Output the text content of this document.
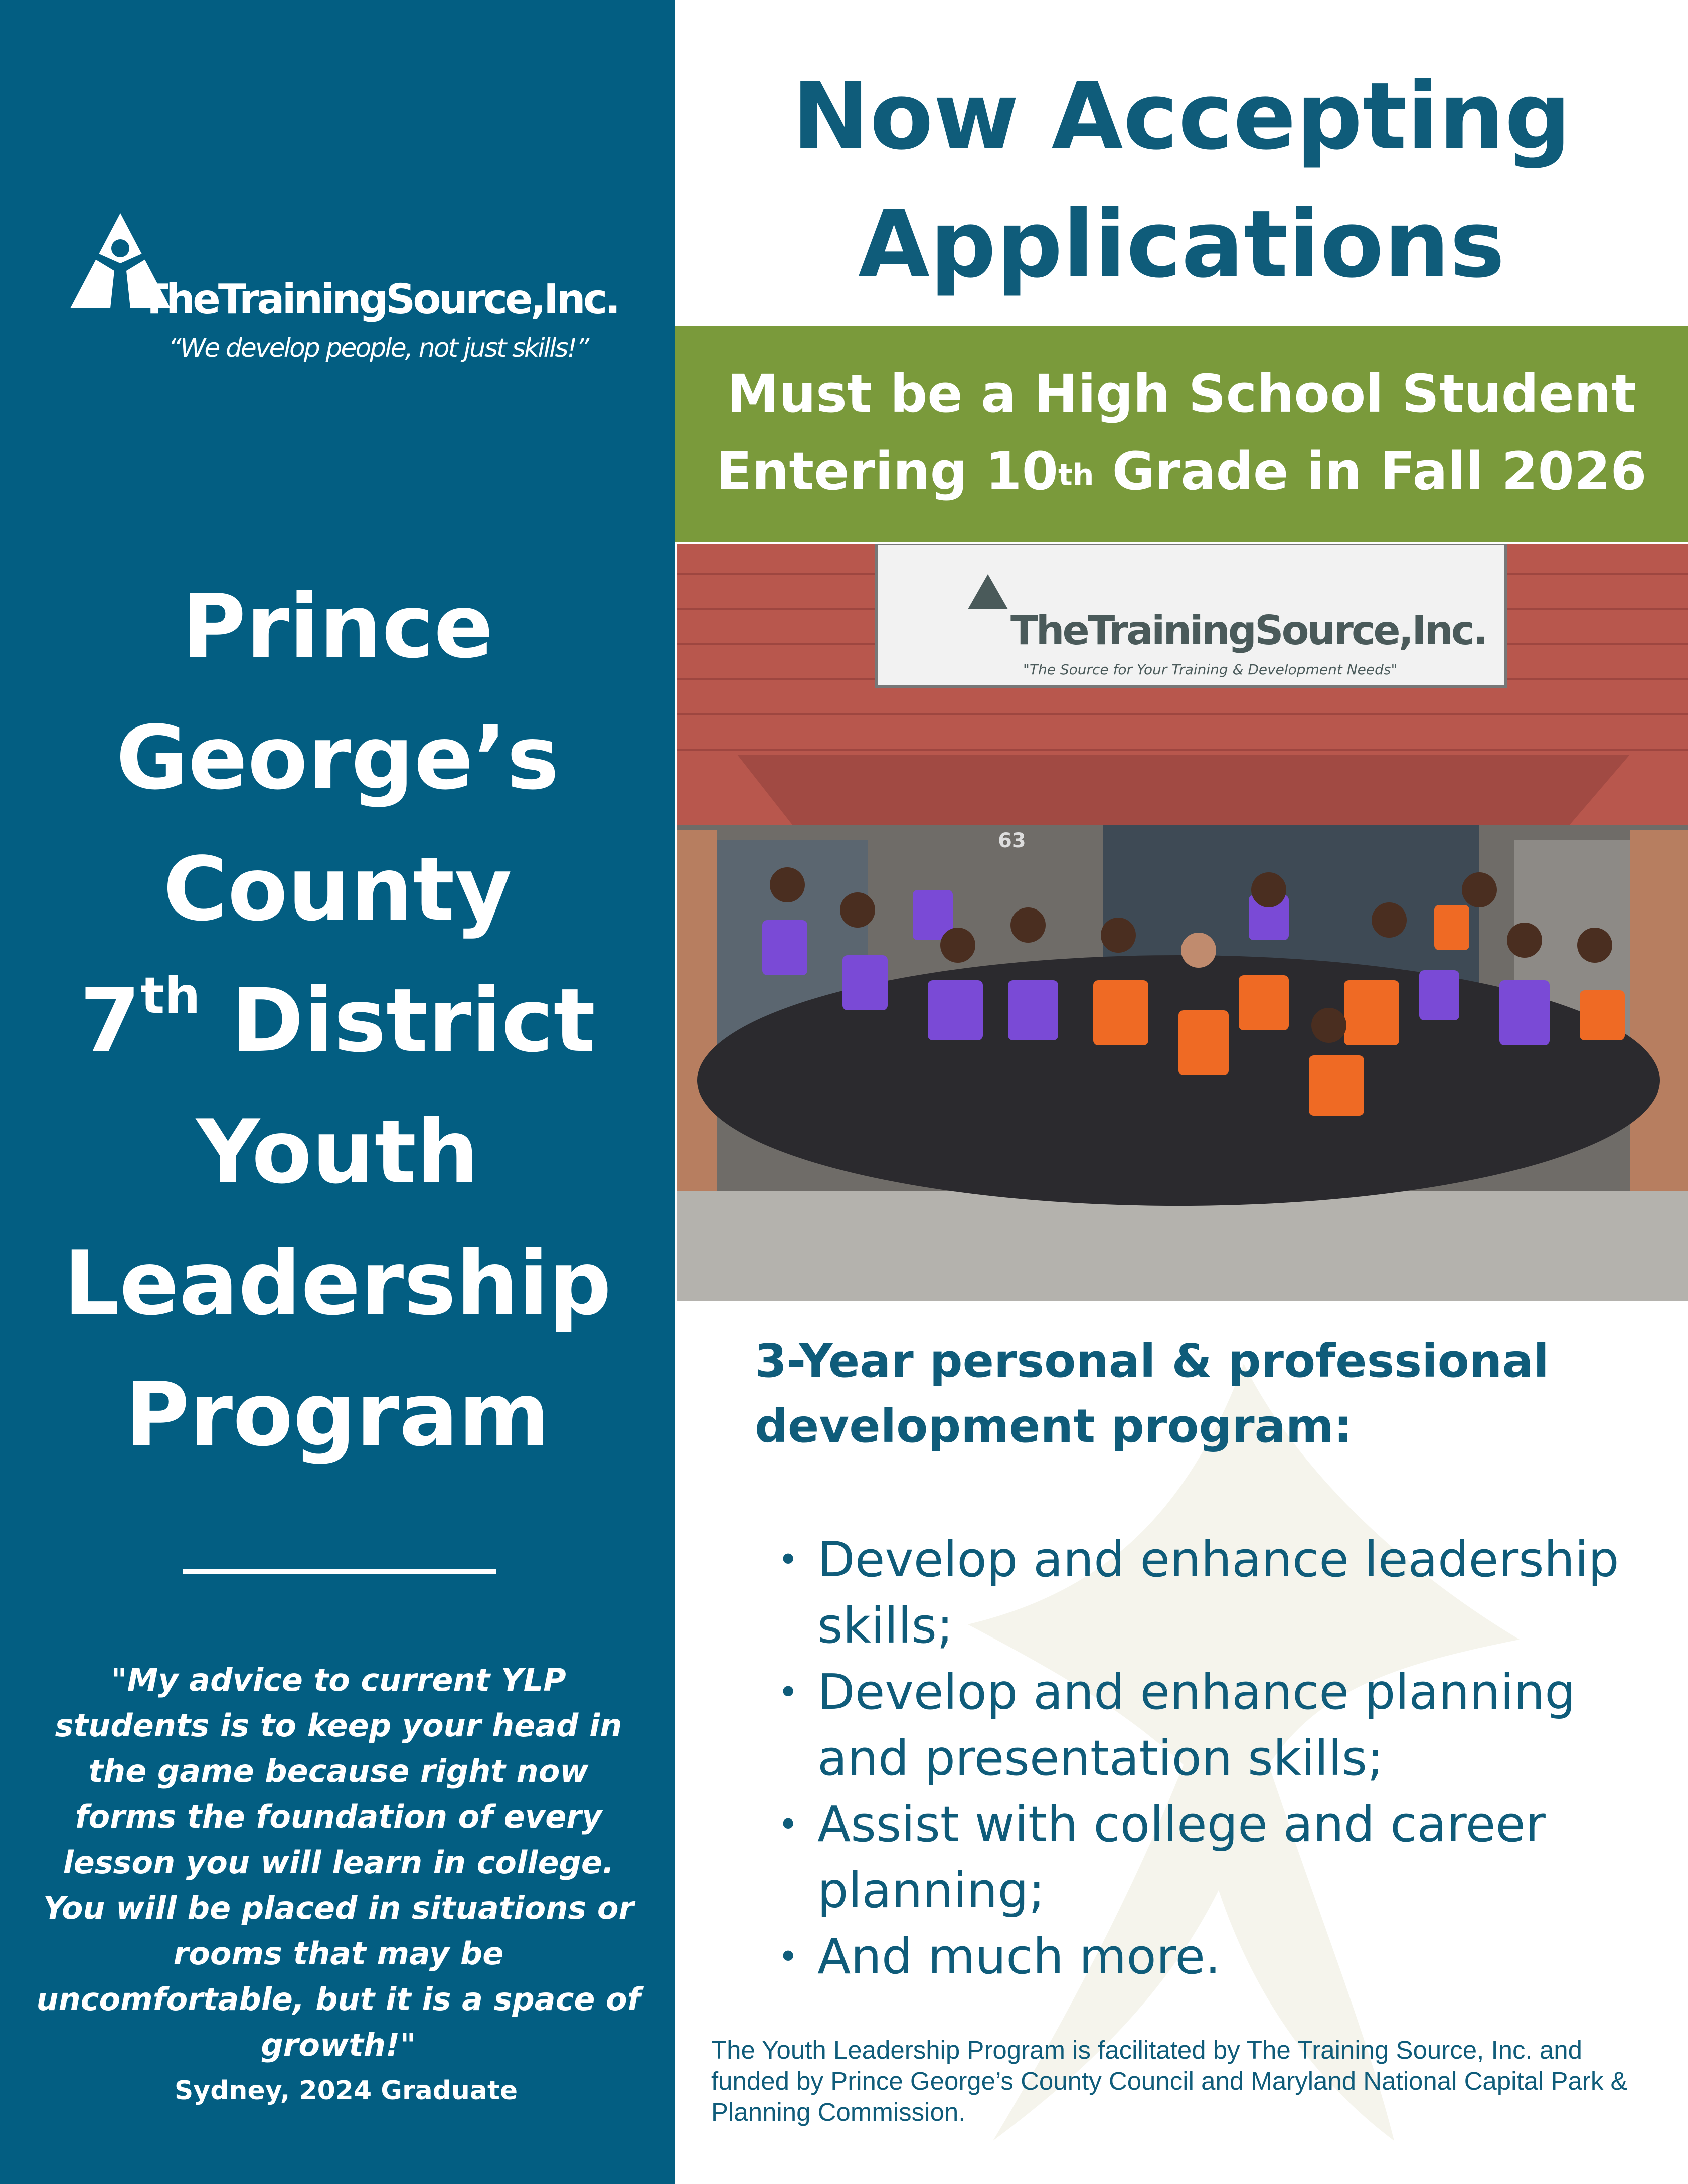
TheTrainingSource,Inc.
“We develop people, not just skills!”
Prince
George’s
County
7th District
Youth
Leadership
Program
"My advice to current YLP students is to keep your head in the game because right now forms the foundation of every lesson you will learn in college. You will be placed in situations or rooms that may be uncomfortable, but it is a space of growth!"
Sydney, 2024 Graduate
Now Accepting
Applications
Must be a High School Student
Entering 10th Grade in Fall 2026
TheTrainingSource,Inc.
"The Source for Your Training & Development Needs"
63
3-Year personal & professional development program:
• Develop and enhance leadership skills;
• Develop and enhance planning and presentation skills;
• Assist with college and career planning;
• And much more.
The Youth Leadership Program is facilitated by The Training Source, Inc. and funded by Prince George’s County Council and Maryland National Capital Park & Planning Commission.
